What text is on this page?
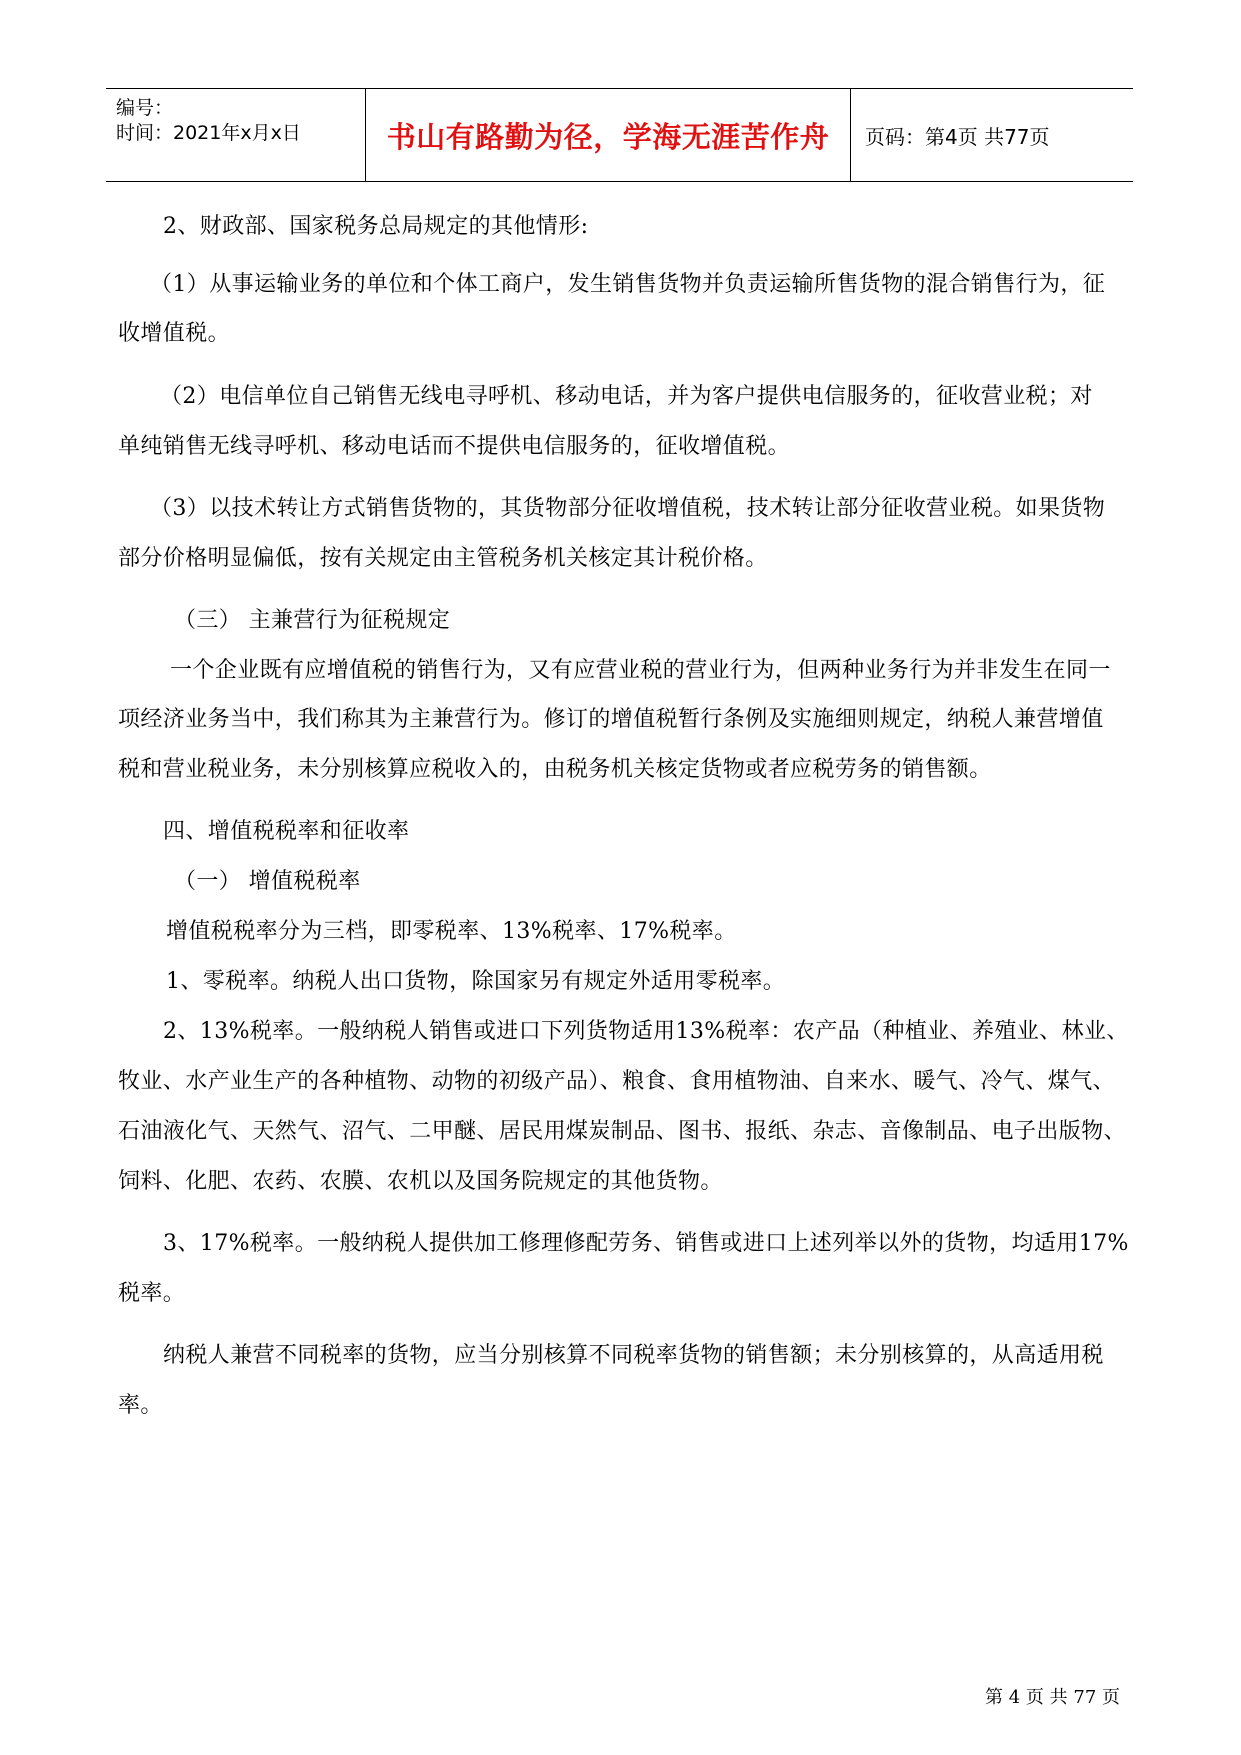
编号：
时间：2021年x月x日	书山有路勤为径，学海无涯苦作舟 页码：第4页 共77页
2、财政部、国家税务总局规定的其他情形:
（1）从事运输业务的单位和个体工商户，发生销售货物并负责运输所售货物的混合销售行为，征
收增值税。
（2）电信单位自己销售无线电寻呼机、移动电话，并为客户提供电信服务的，征收营业税；对
单纯销售无线寻呼机、移动电话而不提供电信服务的，征收增值税。
（3）以技术转让方式销售货物的，其货物部分征收增值税，技术转让部分征收营业税。如果货物
部分价格明显偏低，按有关规定由主管税务机关核定其计税价格。
（三） 主兼营行为征税规定
一个企业既有应增值税的销售行为，又有应营业税的营业行为，但两种业务行为并非发生在同一
项经济业务当中，我们称其为主兼营行为。修订的增值税暂行条例及实施细则规定，纳税人兼营增值
税和营业税业务，未分别核算应税收入的，由税务机关核定货物或者应税劳务的销售额。
四、增值税税率和征收率
（一） 增值税税率
增值税税率分为三档，即零税率、13%税率、17%税率。
1、零税率。纳税人出口货物，除国家另有规定外适用零税率。
2、13%税率。一般纳税人销售或进口下列货物适用13%税率：农产品（种植业、养殖业、林业、
牧业、水产业生产的各种植物、动物的初级产品）、粮食、食用植物油、自来水、暖气、冷气、煤气、
石油液化气、天然气、沼气、二甲醚、居民用煤炭制品、图书、报纸、杂志、音像制品、电子出版物、
饲料、化肥、农药、农膜、农机以及国务院规定的其他货物。
3、17%税率。一般纳税人提供加工修理修配劳务、销售或进口上述列举以外的货物，均适用17%
税率。
纳税人兼营不同税率的货物，应当分别核算不同税率货物的销售额；未分别核算的，从高适用税
率。
第 4 页 共 77 页
